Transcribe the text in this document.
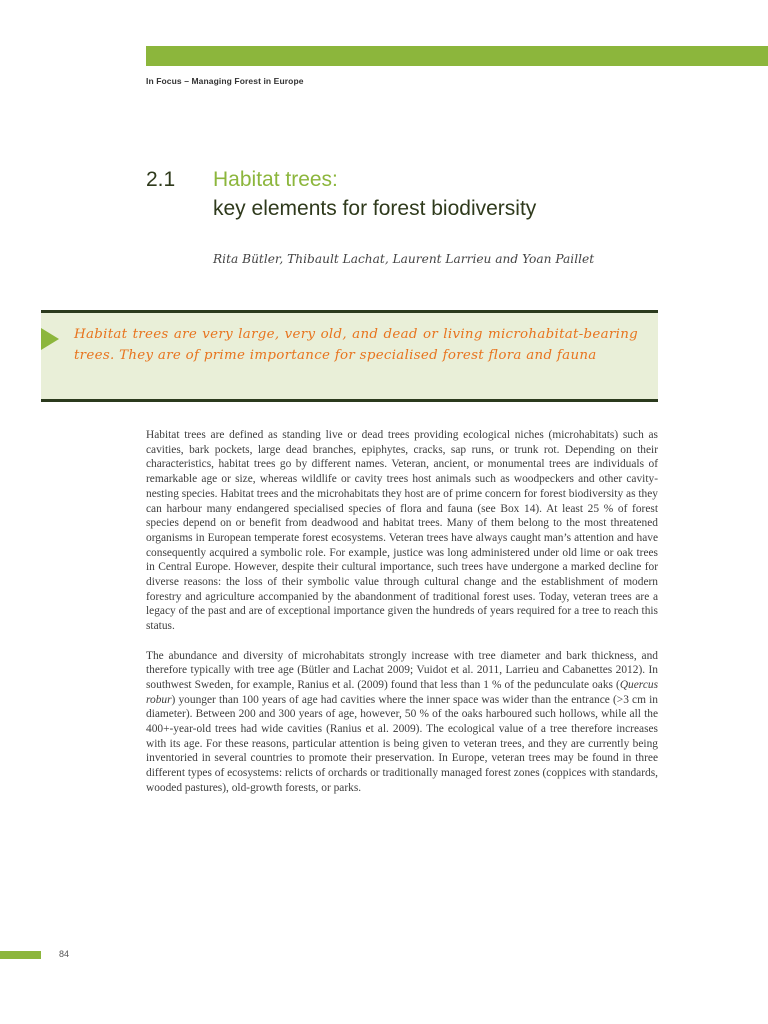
In Focus – Managing Forest in Europe
2.1 Habitat trees:
key elements for forest biodiversity
Rita Bütler, Thibault Lachat, Laurent Larrieu and Yoan Paillet

Habitat trees are very large, very old, and dead or living microhabitat-bearing trees. They are of prime importance for specialised forest flora and fauna

Habitat trees are defined as standing live or dead trees providing ecological niches (microhabitats) such as cavities, bark pockets, large dead branches, epiphytes, cracks, sap runs, or trunk rot. Depending on their characteristics, habitat trees go by different names. Veteran, ancient, or monumental trees are individuals of remarkable age or size, whereas wildlife or cavity trees host animals such as woodpeckers and other cavity-nesting species. Habitat trees and the microhabitats they host are of prime concern for forest biodiversity as they can harbour many endangered specialised species of flora and fauna (see Box 14). At least 25 % of forest species depend on or benefit from deadwood and habitat trees. Many of them belong to the most threatened organisms in European temperate forest ecosystems. Veteran trees have always caught man’s attention and have consequently acquired a symbolic role. For example, justice was long administered under old lime or oak trees in Central Europe. However, despite their cultural importance, such trees have undergone a marked decline for diverse reasons: the loss of their symbolic value through cultural change and the establishment of modern forestry and agriculture accompanied by the abandonment of traditional forest uses. Today, veteran trees are a legacy of the past and are of exceptional importance given the hundreds of years required for a tree to reach this status.

The abundance and diversity of microhabitats strongly increase with tree diameter and bark thickness, and therefore typically with tree age (Bütler and Lachat 2009; Vuidot et al. 2011, Larrieu and Cabanettes 2012). In southwest Sweden, for example, Ranius et al. (2009) found that less than 1 % of the pedunculate oaks (Quercus robur) younger than 100 years of age had cavities where the inner space was wider than the entrance (>3 cm in diameter). Between 200 and 300 years of age, however, 50 % of the oaks harboured such hollows, while all the 400+-year-old trees had wide cavities (Ranius et al. 2009). The ecological value of a tree therefore increases with its age. For these reasons, particular attention is being given to veteran trees, and they are currently being inventoried in several countries to promote their preservation. In Europe, veteran trees may be found in three different types of ecosystems: relicts of orchards or traditionally managed forest zones (coppices with standards, wooded pastures), old-growth forests, or parks.

84
